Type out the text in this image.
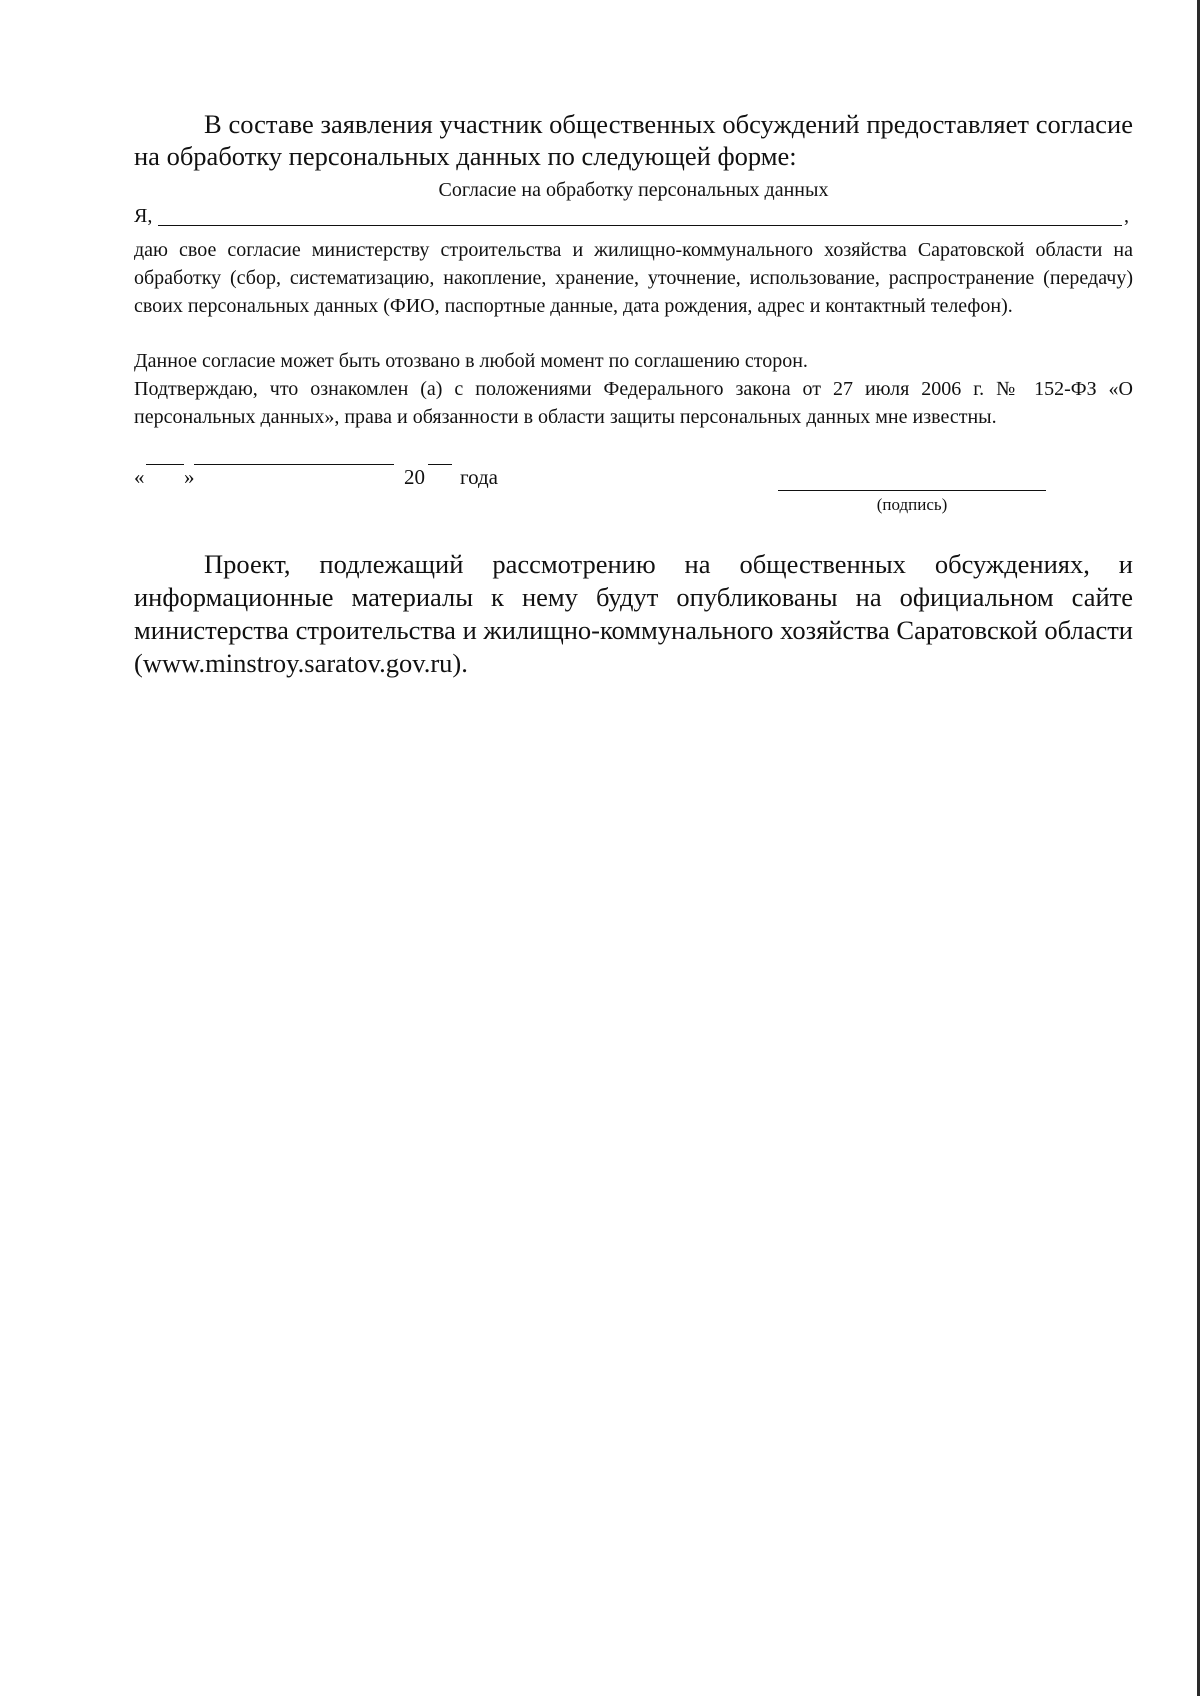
В составе заявления участник общественных обсуждений предоставляет согласие на обработку персональных данных по следующей форме:

Согласие на обработку персональных данных

Я,	,

даю свое согласие министерству строительства и жилищно-коммунального хозяйства Саратовской области на обработку (сбор, систематизацию, накопление, хранение, уточнение, использование, распространение (передачу) своих персональных данных (ФИО, паспортные данные, дата рождения, адрес и контактный телефон).

Данное согласие может быть отозвано в любой момент по соглашению сторон.

Подтверждаю, что ознакомлен (а) с положениями Федерального закона от 27 июля 2006 г. № 152-ФЗ «О персональных данных», права и обязанности в области защиты персональных данных мне известны.

« »	20 года
(подпись)

Проект, подлежащий рассмотрению на общественных обсуждениях, и информационные материалы к нему будут опубликованы на официальном сайте министерства строительства и жилищно-коммунального хозяйства Саратовской области (www.minstroy.saratov.gov.ru).
